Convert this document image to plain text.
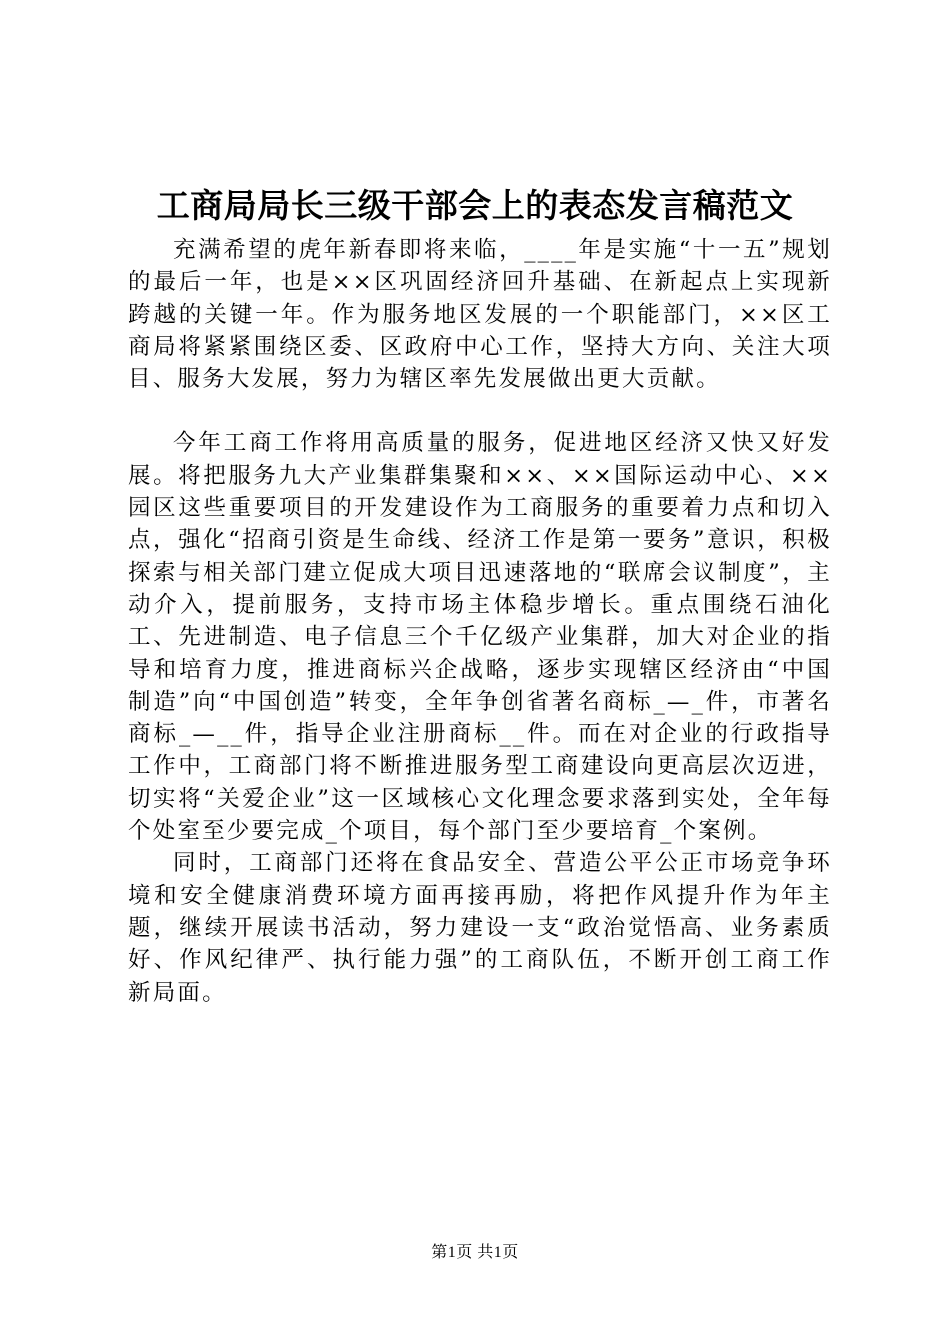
工商局局长三级干部会上的表态发言稿范文

充满希望的虎年新春即将来临，____年是实施“十一五”规划的最后一年，也是××区巩固经济回升基础、在新起点上实现新跨越的关键一年。作为服务地区发展的一个职能部门，××区工商局将紧紧围绕区委、区政府中心工作，坚持大方向、关注大项目、服务大发展，努力为辖区率先发展做出更大贡献。

今年工商工作将用高质量的服务，促进地区经济又快又好发展。将把服务九大产业集群集聚和××、××国际运动中心、××园区这些重要项目的开发建设作为工商服务的重要着力点和切入点，强化“招商引资是生命线、经济工作是第一要务”意识，积极探索与相关部门建立促成大项目迅速落地的“联席会议制度”，主动介入，提前服务，支持市场主体稳步增长。重点围绕石油化工、先进制造、电子信息三个千亿级产业集群，加大对企业的指导和培育力度，推进商标兴企战略，逐步实现辖区经济由“中国制造”向“中国创造”转变，全年争创省著名商标_—_件，市著名商标_—__件，指导企业注册商标__件。而在对企业的行政指导工作中，工商部门将不断推进服务型工商建设向更高层次迈进，切实将“关爱企业”这一区域核心文化理念要求落到实处，全年每个处室至少要完成_个项目，每个部门至少要培育_个案例。

同时，工商部门还将在食品安全、营造公平公正市场竞争环境和安全健康消费环境方面再接再励，将把作风提升作为年主题，继续开展读书活动，努力建设一支“政治觉悟高、业务素质好、作风纪律严、执行能力强”的工商队伍，不断开创工商工作新局面。

第1页 共1页
